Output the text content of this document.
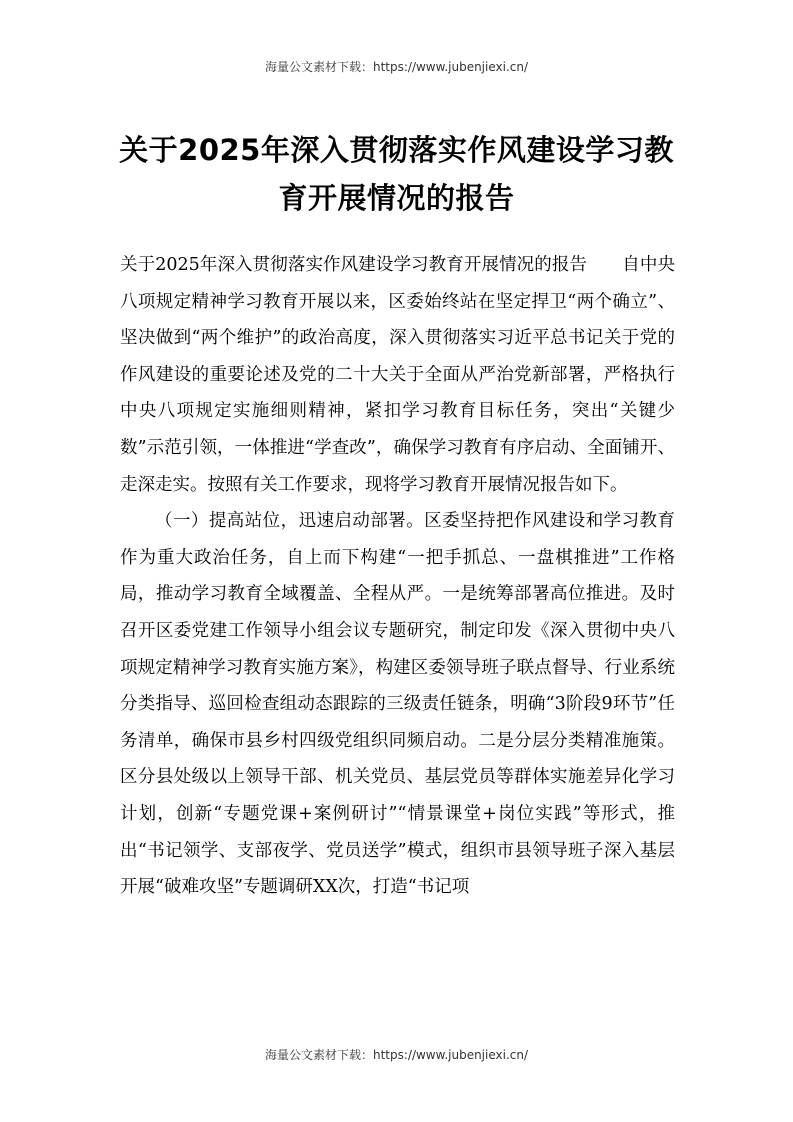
海量公文素材下载：https://www.jubenjiexi.cn/
关于2025年深入贯彻落实作风建设学习教育开展情况的报告

关于2025年深入贯彻落实作风建设学习教育开展情况的报告　　自中央八项规定精神学习教育开展以来，区委始终站在坚定捍卫“两个确立”、坚决做到“两个维护”的政治高度，深入贯彻落实习近平总书记关于党的作风建设的重要论述及党的二十大关于全面从严治党新部署，严格执行中央八项规定实施细则精神，紧扣学习教育目标任务，突出“关键少数”示范引领，一体推进“学查改”，确保学习教育有序启动、全面铺开、走深走实。按照有关工作要求，现将学习教育开展情况报告如下。

（一）提高站位，迅速启动部署。区委坚持把作风建设和学习教育作为重大政治任务，自上而下构建“一把手抓总、一盘棋推进”工作格局，推动学习教育全域覆盖、全程从严。一是统筹部署高位推进。及时召开区委党建工作领导小组会议专题研究，制定印发《深入贯彻中央八项规定精神学习教育实施方案》，构建区委领导班子联点督导、行业系统分类指导、巡回检查组动态跟踪的三级责任链条，明确“3阶段9环节”任务清单，确保市县乡村四级党组织同频启动。二是分层分类精准施策。区分县处级以上领导干部、机关党员、基层党员等群体实施差异化学习计划，创新“专题党课+案例研讨”“情景课堂+岗位实践”等形式，推出“书记领学、支部夜学、党员送学”模式，组织市县领导班子深入基层开展“破难攻坚”专题调研XX次，打造“书记项

海量公文素材下载：https://www.jubenjiexi.cn/
